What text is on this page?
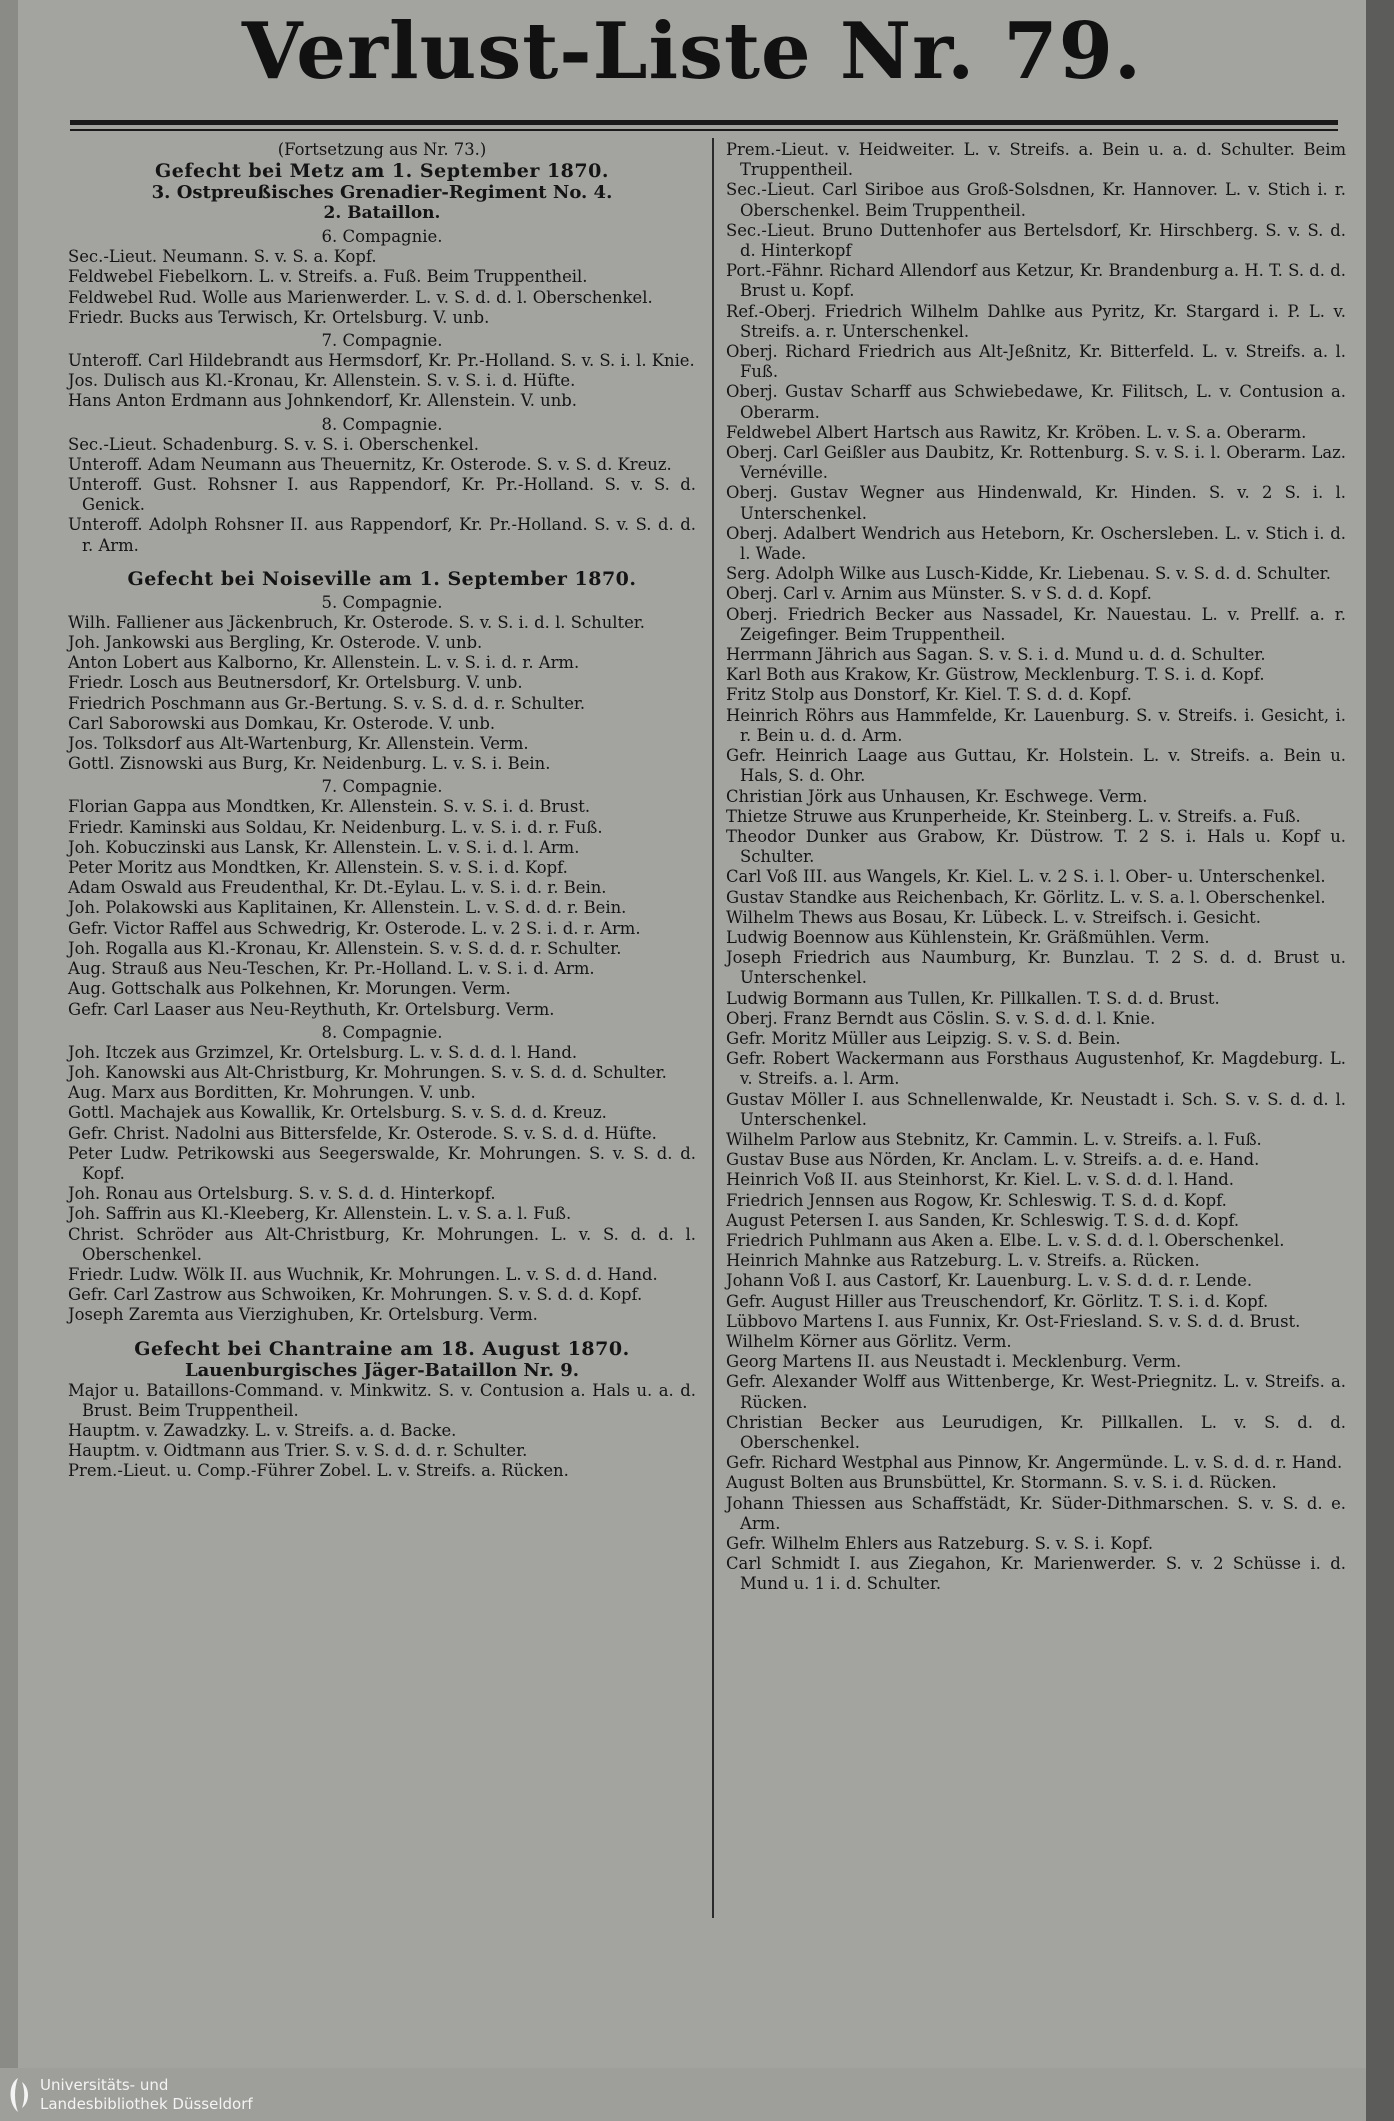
Verlust-Liste Nr. 79.
(Fortsetzung aus Nr. 73.)
Gefecht bei Metz am 1. September 1870.
3. Ostpreußisches Grenadier-Regiment No. 4.
2. Bataillon.
6. Compagnie.
Sec.-Lieut. Neumann. S. v. S. a. Kopf.
Feldwebel Fiebelkorn. L. v. Streifs. a. Fuß. Beim Truppentheil.
Feldwebel Rud. Wolle aus Marienwerder. L. v. S. d. d. l. Oberschenkel.
Friedr. Bucks aus Terwisch, Kr. Ortelsburg. V. unb.
7. Compagnie.
Unteroff. Carl Hildebrandt aus Hermsdorf, Kr. Pr.-Holland. S. v. S. i. l. Knie.
Jos. Dulisch aus Kl.-Kronau, Kr. Allenstein. S. v. S. i. d. Hüfte.
Hans Anton Erdmann aus Johnkendorf, Kr. Allenstein. V. unb.
8. Compagnie.
Sec.-Lieut. Schadenburg. S. v. S. i. Oberschenkel.
Unteroff. Adam Neumann aus Theuernitz, Kr. Osterode. S. v. S. d. Kreuz.
Unteroff. Gust. Rohsner I. aus Rappendorf, Kr. Pr.-Holland. S. v. S. d. Genick.
Unteroff. Adolph Rohsner II. aus Rappendorf, Kr. Pr.-Holland. S. v. S. d. d. r. Arm.
Gefecht bei Noiseville am 1. September 1870.
5. Compagnie.
Wilh. Falliener aus Jäckenbruch, Kr. Osterode. S. v. S. i. d. l. Schulter.
Joh. Jankowski aus Bergling, Kr. Osterode. V. unb.
Anton Lobert aus Kalborno, Kr. Allenstein. L. v. S. i. d. r. Arm.
Friedr. Losch aus Beutnersdorf, Kr. Ortelsburg. V. unb.
Friedrich Poschmann aus Gr.-Bertung. S. v. S. d. d. r. Schulter.
Carl Saborowski aus Domkau, Kr. Osterode. V. unb.
Jos. Tolksdorf aus Alt-Wartenburg, Kr. Allenstein. Verm.
Gottl. Zisnowski aus Burg, Kr. Neidenburg. L. v. S. i. Bein.
7. Compagnie.
Florian Gappa aus Mondtken, Kr. Allenstein. S. v. S. i. d. Brust.
Friedr. Kaminski aus Soldau, Kr. Neidenburg. L. v. S. i. d. r. Fuß.
Joh. Kobuczinski aus Lansk, Kr. Allenstein. L. v. S. i. d. l. Arm.
Peter Moritz aus Mondtken, Kr. Allenstein. S. v. S. i. d. Kopf.
Adam Oswald aus Freudenthal, Kr. Dt.-Eylau. L. v. S. i. d. r. Bein.
Joh. Polakowski aus Kaplitainen, Kr. Allenstein. L. v. S. d. d. r. Bein.
Gefr. Victor Raffel aus Schwedrig, Kr. Osterode. L. v. 2 S. i. d. r. Arm.
Joh. Rogalla aus Kl.-Kronau, Kr. Allenstein. S. v. S. d. d. r. Schulter.
Aug. Strauß aus Neu-Teschen, Kr. Pr.-Holland. L. v. S. i. d. Arm.
Aug. Gottschalk aus Polkehnen, Kr. Morungen. Verm.
Gefr. Carl Laaser aus Neu-Reythuth, Kr. Ortelsburg. Verm.
8. Compagnie.
Joh. Itczek aus Grzimzel, Kr. Ortelsburg. L. v. S. d. d. l. Hand.
Joh. Kanowski aus Alt-Christburg, Kr. Mohrungen. S. v. S. d. d. Schulter.
Aug. Marx aus Borditten, Kr. Mohrungen. V. unb.
Gottl. Machajek aus Kowallik, Kr. Ortelsburg. S. v. S. d. d. Kreuz.
Gefr. Christ. Nadolni aus Bittersfelde, Kr. Osterode. S. v. S. d. d. Hüfte.
Peter Ludw. Petrikowski aus Seegerswalde, Kr. Mohrungen. S. v. S. d. d. Kopf.
Joh. Ronau aus Ortelsburg. S. v. S. d. d. Hinterkopf.
Joh. Saffrin aus Kl.-Kleeberg, Kr. Allenstein. L. v. S. a. l. Fuß.
Christ. Schröder aus Alt-Christburg, Kr. Mohrungen. L. v. S. d. d. l. Oberschenkel.
Friedr. Ludw. Wölk II. aus Wuchnik, Kr. Mohrungen. L. v. S. d. d. Hand.
Gefr. Carl Zastrow aus Schwoiken, Kr. Mohrungen. S. v. S. d. d. Kopf.
Joseph Zaremta aus Vierzighuben, Kr. Ortelsburg. Verm.
Gefecht bei Chantraine am 18. August 1870.
Lauenburgisches Jäger-Bataillon Nr. 9.
Major u. Bataillons-Command. v. Minkwitz. S. v. Contusion a. Hals u. a. d. Brust. Beim Truppentheil.
Hauptm. v. Zawadzky. L. v. Streifs. a. d. Backe.
Hauptm. v. Oidtmann aus Trier. S. v. S. d. d. r. Schulter.
Prem.-Lieut. u. Comp.-Führer Zobel. L. v. Streifs. a. Rücken.
Prem.-Lieut. v. Heidweiter. L. v. Streifs. a. Bein u. a. d. Schulter. Beim Truppentheil.
Sec.-Lieut. Carl Siriboe aus Groß-Solsdnen, Kr. Hannover. L. v. Stich i. r. Oberschenkel. Beim Truppentheil.
Sec.-Lieut. Bruno Duttenhofer aus Bertelsdorf, Kr. Hirschberg. S. v. S. d. d. Hinterkopf
Port.-Fähnr. Richard Allendorf aus Ketzur, Kr. Brandenburg a. H. T. S. d. d. Brust u. Kopf.
Ref.-Oberj. Friedrich Wilhelm Dahlke aus Pyritz, Kr. Stargard i. P. L. v. Streifs. a. r. Unterschenkel.
Oberj. Richard Friedrich aus Alt-Jeßnitz, Kr. Bitterfeld. L. v. Streifs. a. l. Fuß.
Oberj. Gustav Scharff aus Schwiebedawe, Kr. Filitsch, L. v. Contusion a. Oberarm.
Feldwebel Albert Hartsch aus Rawitz, Kr. Kröben. L. v. S. a. Oberarm.
Oberj. Carl Geißler aus Daubitz, Kr. Rottenburg. S. v. S. i. l. Oberarm. Laz. Vernéville.
Oberj. Gustav Wegner aus Hindenwald, Kr. Hinden. S. v. 2 S. i. l. Unterschenkel.
Oberj. Adalbert Wendrich aus Heteborn, Kr. Oschersleben. L. v. Stich i. d. l. Wade.
Serg. Adolph Wilke aus Lusch-Kidde, Kr. Liebenau. S. v. S. d. d. Schulter.
Oberj. Carl v. Arnim aus Münster. S. v S. d. d. Kopf.
Oberj. Friedrich Becker aus Nassadel, Kr. Nauestau. L. v. Prellf. a. r. Zeigefinger. Beim Truppentheil.
Herrmann Jährich aus Sagan. S. v. S. i. d. Mund u. d. d. Schulter.
Karl Both aus Krakow, Kr. Güstrow, Mecklenburg. T. S. i. d. Kopf.
Fritz Stolp aus Donstorf, Kr. Kiel. T. S. d. d. Kopf.
Heinrich Röhrs aus Hammfelde, Kr. Lauenburg. S. v. Streifs. i. Gesicht, i. r. Bein u. d. d. Arm.
Gefr. Heinrich Laage aus Guttau, Kr. Holstein. L. v. Streifs. a. Bein u. Hals, S. d. Ohr.
Christian Jörk aus Unhausen, Kr. Eschwege. Verm.
Thietze Struwe aus Krunperheide, Kr. Steinberg. L. v. Streifs. a. Fuß.
Theodor Dunker aus Grabow, Kr. Düstrow. T. 2 S. i. Hals u. Kopf u. Schulter.
Carl Voß III. aus Wangels, Kr. Kiel. L. v. 2 S. i. l. Ober- u. Unterschenkel.
Gustav Standke aus Reichenbach, Kr. Görlitz. L. v. S. a. l. Oberschenkel.
Wilhelm Thews aus Bosau, Kr. Lübeck. L. v. Streifsch. i. Gesicht.
Ludwig Boennow aus Kühlenstein, Kr. Gräßmühlen. Verm.
Joseph Friedrich aus Naumburg, Kr. Bunzlau. T. 2 S. d. d. Brust u. Unterschenkel.
Ludwig Bormann aus Tullen, Kr. Pillkallen. T. S. d. d. Brust.
Oberj. Franz Berndt aus Cöslin. S. v. S. d. d. l. Knie.
Gefr. Moritz Müller aus Leipzig. S. v. S. d. Bein.
Gefr. Robert Wackermann aus Forsthaus Augustenhof, Kr. Magdeburg. L. v. Streifs. a. l. Arm.
Gustav Möller I. aus Schnellenwalde, Kr. Neustadt i. Sch. S. v. S. d. d. l. Unterschenkel.
Wilhelm Parlow aus Stebnitz, Kr. Cammin. L. v. Streifs. a. l. Fuß.
Gustav Buse aus Nörden, Kr. Anclam. L. v. Streifs. a. d. e. Hand.
Heinrich Voß II. aus Steinhorst, Kr. Kiel. L. v. S. d. d. l. Hand.
Friedrich Jennsen aus Rogow, Kr. Schleswig. T. S. d. d. Kopf.
August Petersen I. aus Sanden, Kr. Schleswig. T. S. d. d. Kopf.
Friedrich Puhlmann aus Aken a. Elbe. L. v. S. d. d. l. Oberschenkel.
Heinrich Mahnke aus Ratzeburg. L. v. Streifs. a. Rücken.
Johann Voß I. aus Castorf, Kr. Lauenburg. L. v. S. d. d. r. Lende.
Gefr. August Hiller aus Treuschendorf, Kr. Görlitz. T. S. i. d. Kopf.
Lübbovo Martens I. aus Funnix, Kr. Ost-Friesland. S. v. S. d. d. Brust.
Wilhelm Körner aus Görlitz. Verm.
Georg Martens II. aus Neustadt i. Mecklenburg. Verm.
Gefr. Alexander Wolff aus Wittenberge, Kr. West-Priegnitz. L. v. Streifs. a. Rücken.
Christian Becker aus Leurudigen, Kr. Pillkallen. L. v. S. d. d. Oberschenkel.
Gefr. Richard Westphal aus Pinnow, Kr. Angermünde. L. v. S. d. d. r. Hand.
August Bolten aus Brunsbüttel, Kr. Stormann. S. v. S. i. d. Rücken.
Johann Thiessen aus Schaffstädt, Kr. Süder-Dithmarschen. S. v. S. d. e. Arm.
Gefr. Wilhelm Ehlers aus Ratzeburg. S. v. S. i. Kopf.
Carl Schmidt I. aus Ziegahon, Kr. Marienwerder. S. v. 2 Schüsse i. d. Mund u. 1 i. d. Schulter.
Universitäts- und
Landesbibliothek Düsseldorf
